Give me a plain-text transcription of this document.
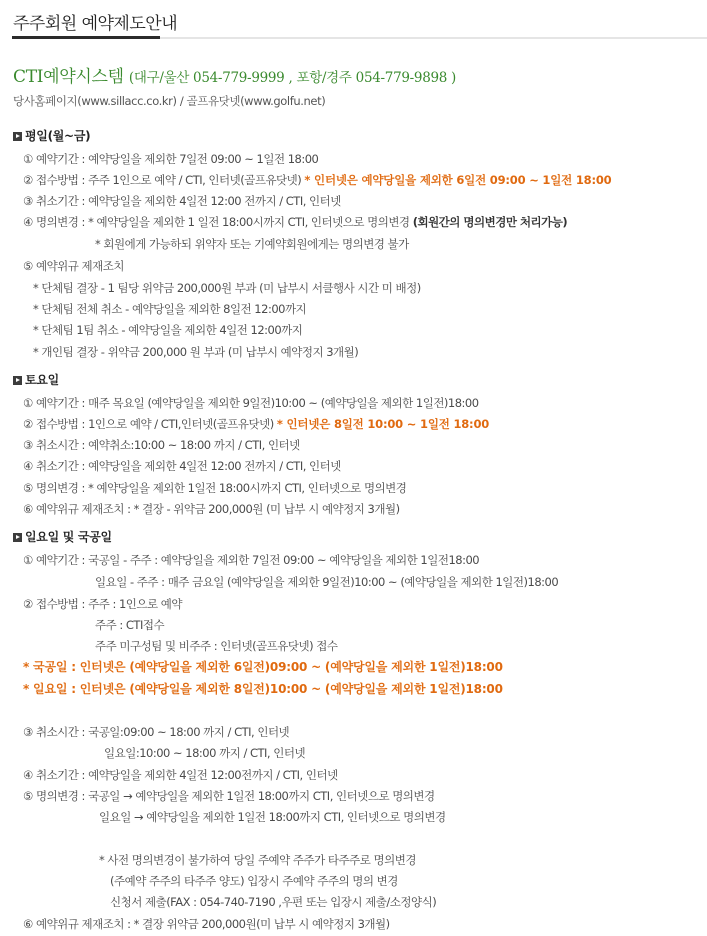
주주회원 예약제도안내
CTI예약시스템 (대구/울산 054-779-9999 , 포항/경주 054-779-9898 )
당사홈페이지(www.sillacc.co.kr) / 골프유닷넷(www.golfu.net)
평일(월~금)
① 예약기간 : 예약당일을 제외한 7일전 09:00 ~ 1일전 18:00
② 접수방법 : 주주 1인으로 예약 / CTI, 인터넷(골프유닷넷) * 인터넷은 예약당일을 제외한 6일전 09:00 ~ 1일전 18:00
③ 취소기간 : 예약당일을 제외한 4일전 12:00 전까지 / CTI, 인터넷
④ 명의변경 : * 예약당일을 제외한 1 일전 18:00시까지 CTI, 인터넷으로 명의변경 (회원간의 명의변경만 처리가능)
* 회원에게 가능하되 위약자 또는 기예약회원에게는 명의변경 불가
⑤ 예약위규 제재조치
* 단체팀 결장 - 1 팀당 위약금 200,000원 부과 (미 납부시 서클행사 시간 미 배정)
* 단체팀 전체 취소 - 예약당일을 제외한 8일전 12:00까지
* 단체팀 1팀 취소 - 예약당일을 제외한 4일전 12:00까지
* 개인팀 결장 - 위약금 200,000 원 부과 (미 납부시 예약정지 3개월)
토요일
① 예약기간 : 매주 목요일 (예약당일을 제외한 9일전)10:00 ~ (예약당일을 제외한 1일전)18:00
② 접수방법 : 1인으로 예약 / CTI,인터넷(골프유닷넷) * 인터넷은 8일전 10:00 ~ 1일전 18:00
③ 취소시간 : 예약취소:10:00 ~ 18:00 까지 / CTI, 인터넷
④ 취소기간 : 예약당일을 제외한 4일전 12:00 전까지 / CTI, 인터넷
⑤ 명의변경 : * 예약당일을 제외한 1일전 18:00시까지 CTI, 인터넷으로 명의변경
⑥ 예약위규 제재조치 : * 결장 - 위약금 200,000원 (미 납부 시 예약정지 3개월)
일요일 및 국공일
① 예약기간 : 국공일 - 주주 : 예약당일을 제외한 7일전 09:00 ~ 예약당일을 제외한 1일전18:00
일요일 - 주주 : 매주 금요일 (예약당일을 제외한 9일전)10:00 ~ (예약당일을 제외한 1일전)18:00
② 접수방법 : 주주 : 1인으로 예약
주주 : CTI접수
주주 미구성팀 및 비주주 : 인터넷(골프유닷넷) 접수
* 국공일 : 인터넷은 (예약당일을 제외한 6일전)09:00 ~ (예약당일을 제외한 1일전)18:00
* 일요일 : 인터넷은 (예약당일을 제외한 8일전)10:00 ~ (예약당일을 제외한 1일전)18:00
③ 취소시간 : 국공일:09:00 ~ 18:00 까지 / CTI, 인터넷
일요일:10:00 ~ 18:00 까지 / CTI, 인터넷
④ 취소기간 : 예약당일을 제외한 4일전 12:00전까지 / CTI, 인터넷
⑤ 명의변경 : 국공일 → 예약당일을 제외한 1일전 18:00까지 CTI, 인터넷으로 명의변경
일요일 → 예약당일을 제외한 1일전 18:00까지 CTI, 인터넷으로 명의변경
* 사전 명의변경이 불가하여 당일 주예약 주주가 타주주로 명의변경
(주예약 주주의 타주주 양도) 입장시 주예약 주주의 명의 변경
신청서 제출(FAX : 054-740-7190 ,우편 또는 입장시 제출/소정양식)
⑥ 예약위규 제재조치 : * 결장 위약금 200,000원(미 납부 시 예약정지 3개월)
